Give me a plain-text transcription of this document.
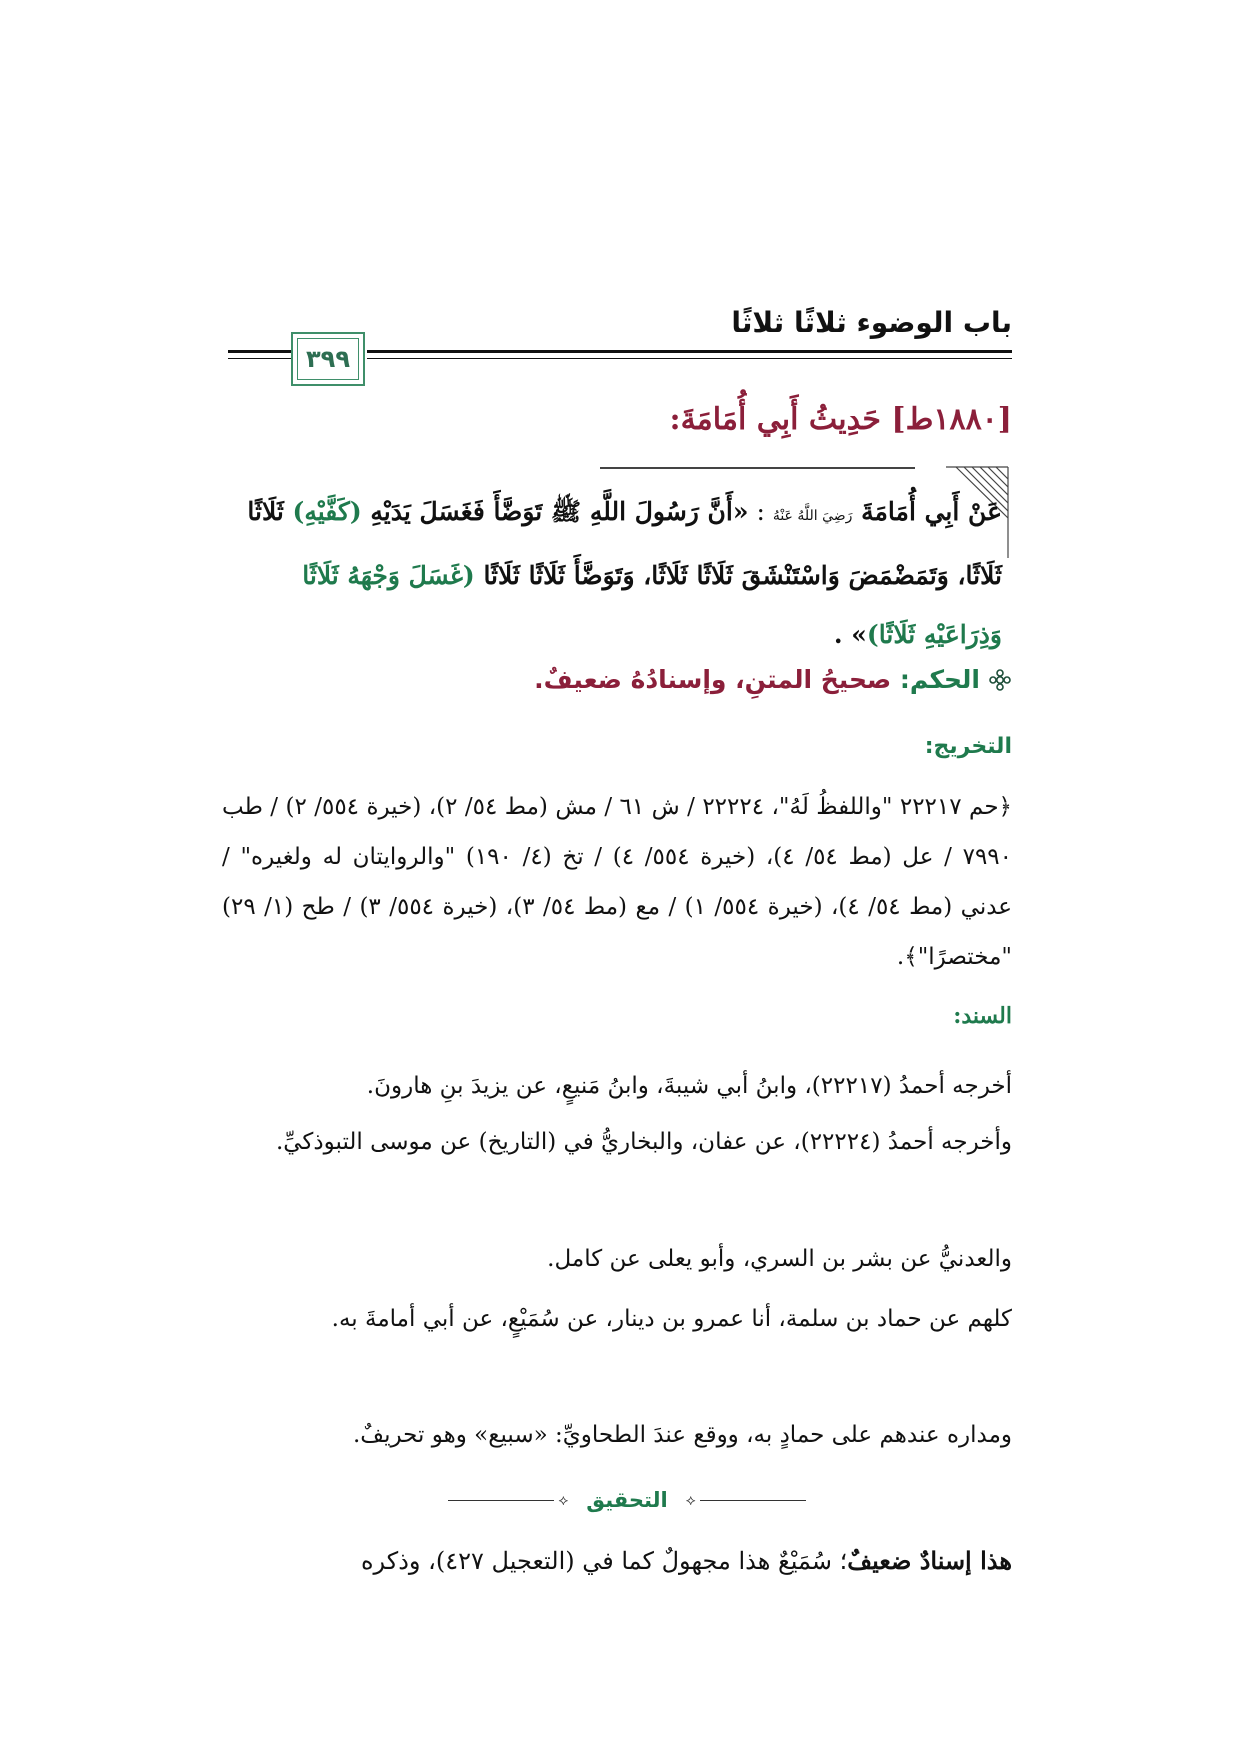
باب الوضوء ثلاثًا ثلاثًا
٣٩٩
[١٨٨٠ط] حَدِيثُ أَبِي أُمَامَةَ:
عَنْ أَبِي أُمَامَةَ رَضِيَ اللَّهُ عَنْهُ : «أَنَّ رَسُولَ اللَّهِ ﷺ تَوَضَّأَ فَغَسَلَ يَدَيْهِ (كَفَّيْهِ) ثَلَاثًا ثَلَاثًا، وَتَمَضْمَضَ وَاسْتَنْشَقَ ثَلَاثًا ثَلَاثًا، وَتَوَضَّأَ ثَلَاثًا ثَلَاثًا (غَسَلَ وَجْهَهُ ثَلَاثًا وَذِرَاعَيْهِ ثَلَاثًا)» .
الحكم: صحيحُ المتنِ، وإسنادُهُ ضعيفٌ.
التخريج:
﴿حم ٢٢٢١٧ "واللفظُ لَهُ"، ٢٢٢٢٤ / ش ٦١ / مش (مط ٥٤/ ٢)، (خيرة ٥٥٤/ ٢) / طب ٧٩٩٠ / عل (مط ٥٤/ ٤)، (خيرة ٥٥٤/ ٤) / تخ (٤/ ١٩٠) "والروايتان له ولغيره" / عدني (مط ٥٤/ ٤)، (خيرة ٥٥٤/ ١) / مع (مط ٥٤/ ٣)، (خيرة ٥٥٤/ ٣) / طح (١/ ٢٩) "مختصرًا"﴾.
السند:
أخرجه أحمدُ (٢٢٢١٧)، وابنُ أبي شيبةَ، وابنُ مَنيعٍ، عن يزيدَ بنِ هارونَ.
وأخرجه أحمدُ (٢٢٢٢٤)، عن عفان، والبخاريُّ في (التاريخ) عن موسى التبوذكيِّ.
والعدنيُّ عن بشر بن السري، وأبو يعلى عن كامل.
كلهم عن حماد بن سلمة، أنا عمرو بن دينار، عن سُمَيْعٍ، عن أبي أمامةَ به.
ومداره عندهم على حمادٍ به، ووقع عندَ الطحاويِّ: «سبيع» وهو تحريفٌ.
⟡ التحقيق	⟡
هذا إسنادٌ ضعيفٌ؛ سُمَيْعٌ هذا مجهولٌ كما في (التعجيل ٤٢٧)، وذكره
